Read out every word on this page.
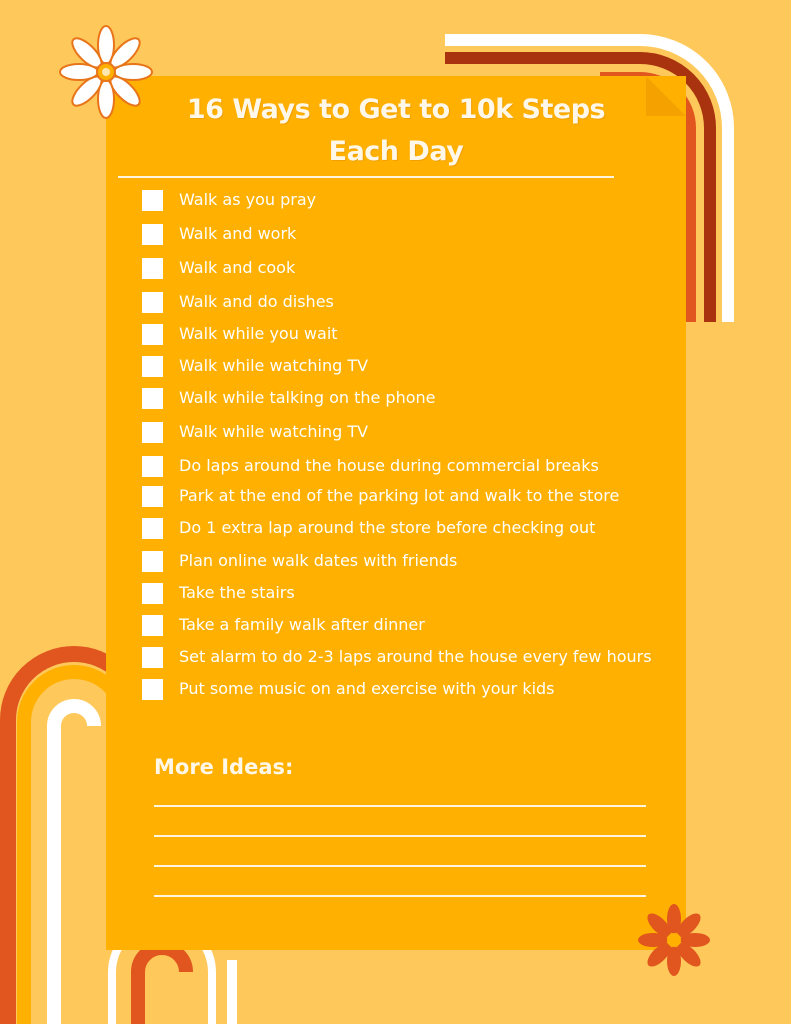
16 Ways to Get to 10k Steps
Each Day
Walk as you pray
Walk and work
Walk and cook
Walk and do dishes
Walk while you wait
Walk while watching TV
Walk while talking on the phone
Walk while watching TV
Do laps around the house during commercial breaks
Park at the end of the parking lot and walk to the store
Do 1 extra lap around the store before checking out
Plan online walk dates with friends
Take the stairs
Take a family walk after dinner
Set alarm to do 2-3 laps around the house every few hours
Put some music on and exercise with your kids
More Ideas:
